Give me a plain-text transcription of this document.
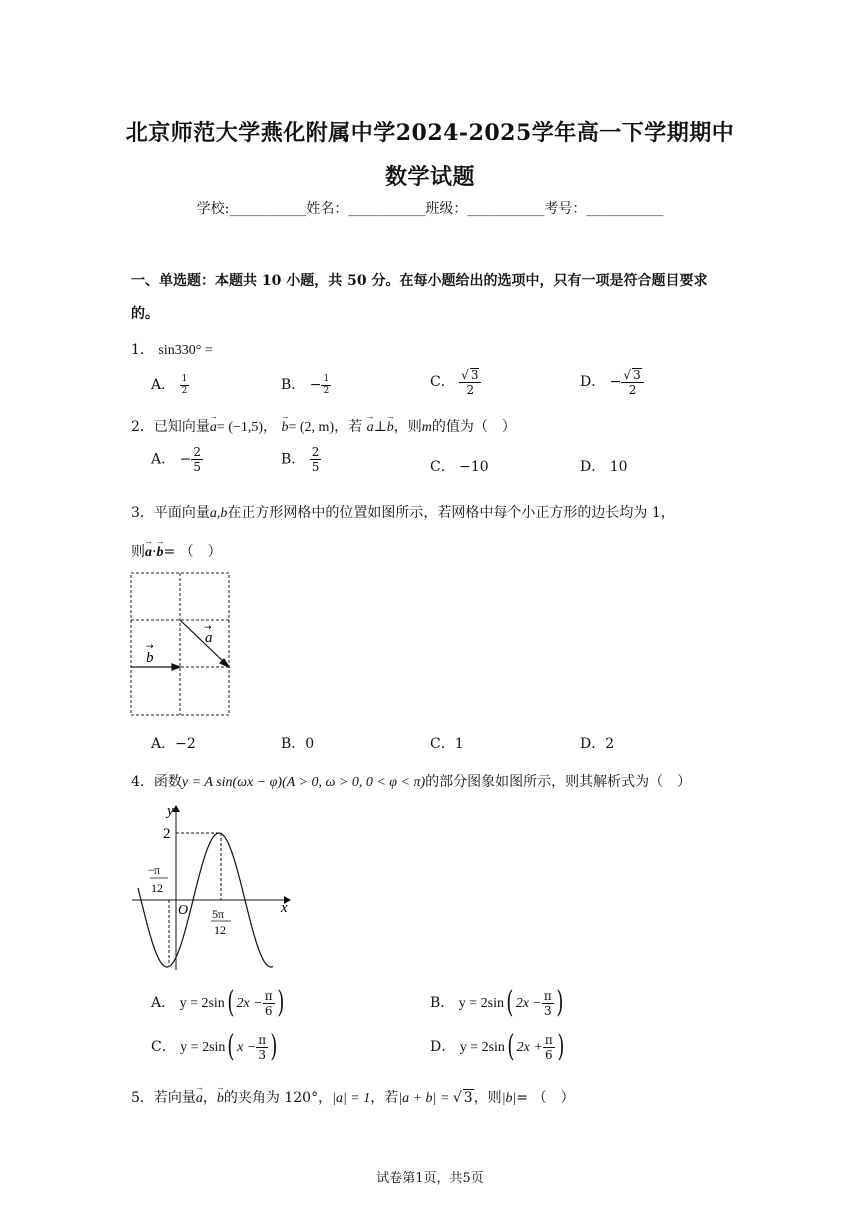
北京师范大学燕化附属中学2024-2025学年高一下学期期中
数学试题
学校:___________姓名：___________班级：___________考号：___________
一、单选题：本题共 10 小题，共 50 分。在每小题给出的选项中，只有一项是符合题目要求
的。
1． sin330° =
A． $\frac{1}{2}$	B． − $\frac{1}{2}$	C． $\frac{√ 3}{2}$	D． − $\frac{√ 3}{2}$
2．已知向量→ a= (−1,5)， → b= (2, m)，若 → a⊥→ b，则m的值为（　）
A． − $\frac{2}{5}$	B． $\frac{2}{5}$	C． −10	D． 10
3．平面向量a,b在正方形网格中的位置如图所示，若网格中每个小正方形的边长均为 1，
则→ a·→ b= （　）
b
→
a
→
A．−2	B．0	C．1	D．2
4．函数y = A sin(ωx − φ)(A > 0, ω > 0, 0 < φ < π)的部分图象如图所示，则其解析式为（　）
y
x
O
2
− π
12
5π
12
A． y = 2sin( $2x - \frac{\pi}{6}$ )	B． y = 2sin( $2x - \frac{\pi}{3}$ )
C． y = 2sin( $x - \frac{\pi}{3}$ )	D． y = 2sin( $2x + \frac{\pi}{6}$ )
5．若向量→ a，→ b的夹角为 120°，|a| = 1，若|a + b| = √ 3，则|b|= （　）
试卷第1页，共5页
